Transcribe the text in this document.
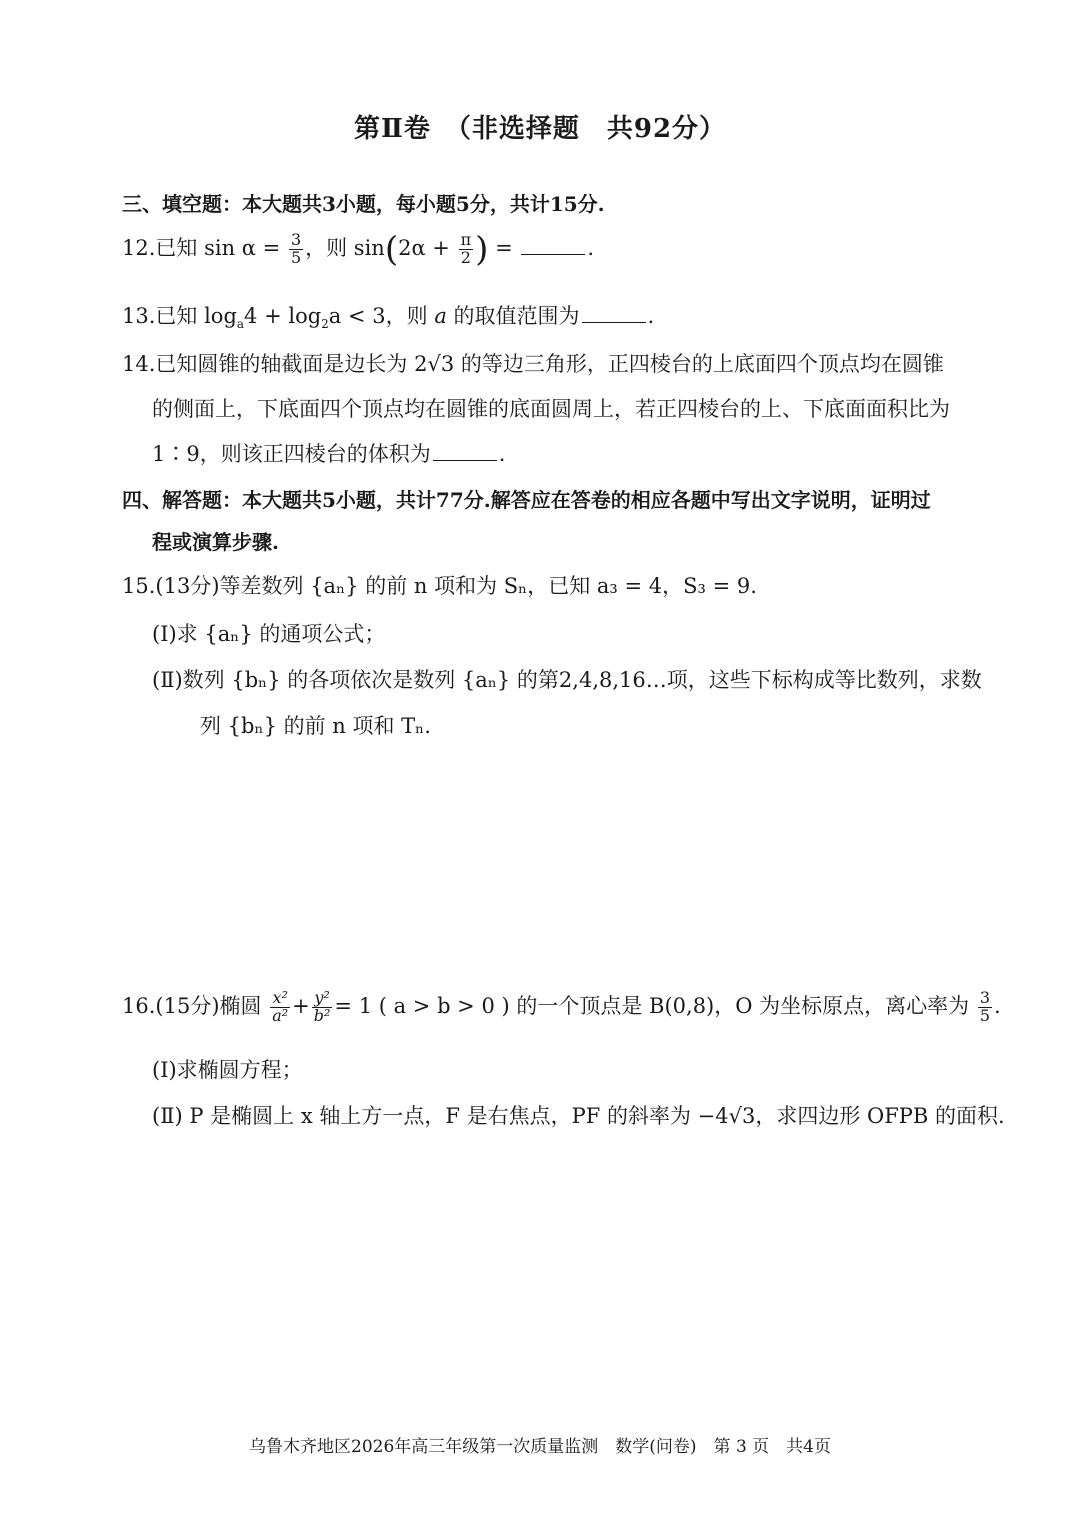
第Ⅱ卷　（非选择题　共92分）
三、填空题：本大题共3小题，每小题5分，共计15分.
12.已知 $\sin \alpha = \frac{3}{5}$ ，则 $\sin(2\alpha + \frac{\pi}{2}$ ) =	.
13.已知 $\log_a4 + \log_2a < 3$，则 a 的取值范围为	.
14.已知圆锥的轴截面是边长为 2√3 的等边三角形，正四棱台的上底面四个顶点均在圆锥
的侧面上，下底面四个顶点均在圆锥的底面圆周上，若正四棱台的上、下底面面积比为
1∶9，则该正四棱台的体积为	.
四、解答题：本大题共5小题，共计77分.解答应在答卷的相应各题中写出文字说明，证明过
程或演算步骤.
15.(13分)等差数列 {aₙ} 的前 n 项和为 Sₙ，已知 a₃ = 4，S₃ = 9.
(Ⅰ)求 {aₙ} 的通项公式；
(Ⅱ)数列 {bₙ} 的各项依次是数列 {aₙ} 的第2,4,8,16…项，这些下标构成等比数列，求数
列 {bₙ} 的前 n 项和 Tₙ.
16.(15分)椭圆 $\frac{\text{x²}}{\text{a²}} + \frac{\text{y²}}{\text{b²}} = 1$ ( a > b > 0 ) 的一个顶点是 B(0,8)，O 为坐标原点，离心率为 $\frac{3}{5}$ .
(Ⅰ)求椭圆方程；
(Ⅱ) P 是椭圆上 x 轴上方一点，F 是右焦点，PF 的斜率为 −4√3，求四边形 OFPB 的面积.
乌鲁木齐地区2026年高三年级第一次质量监测　数学(问卷)　第 3 页　共4页
